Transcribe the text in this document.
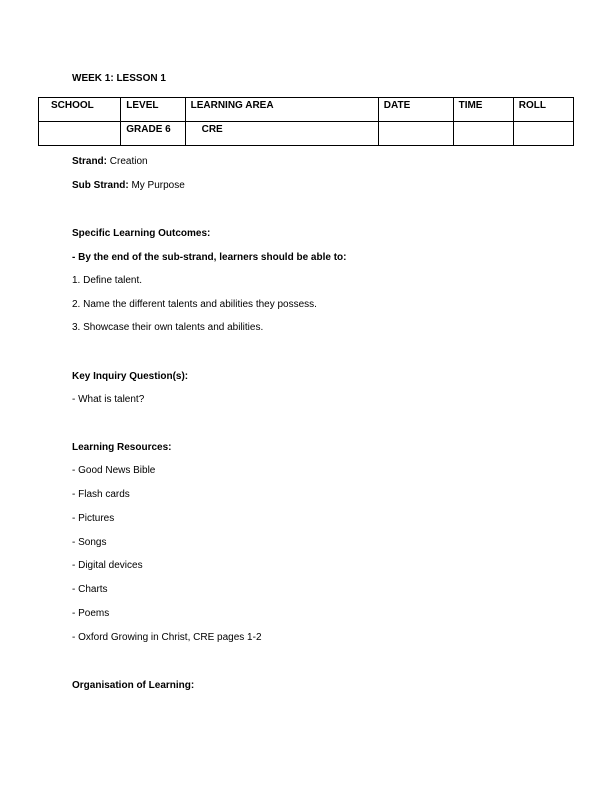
WEEK 1: LESSON 1
SCHOOL	LEVEL	LEARNING AREA	DATE	TIME	ROLL
	GRADE 6	CRE			
Strand: Creation
Sub Strand: My Purpose
Specific Learning Outcomes:
- By the end of the sub-strand, learners should be able to:
1. Define talent.
2. Name the different talents and abilities they possess.
3. Showcase their own talents and abilities.
Key Inquiry Question(s):
- What is talent?
Learning Resources:
- Good News Bible
- Flash cards
- Pictures
- Songs
- Digital devices
- Charts
- Poems
- Oxford Growing in Christ, CRE pages 1-2
Organisation of Learning:
